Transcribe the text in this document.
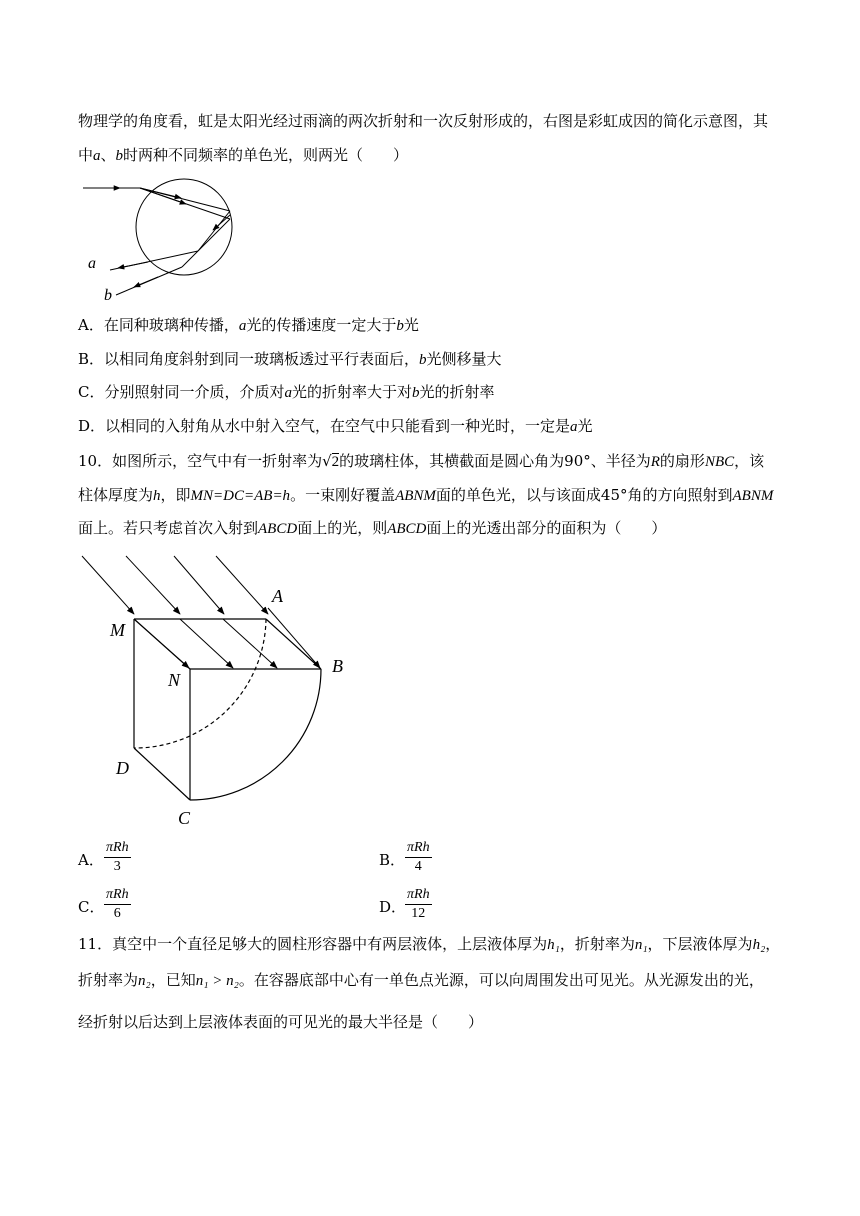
物理学的角度看，虹是太阳光经过雨滴的两次折射和一次反射形成的，右图是彩虹成因的简化示意图，其
中a、b时两种不同频率的单色光，则两光（　　）
a
b
A．在同种玻璃种传播，a光的传播速度一定大于b光
B．以相同角度斜射到同一玻璃板透过平行表面后，b光侧移量大
C．分别照射同一介质，介质对a光的折射率大于对b光的折射率
D．以相同的入射角从水中射入空气，在空气中只能看到一种光时，一定是a光
10．如图所示，空气中有一折射率为√2的玻璃柱体，其横截面是圆心角为90°、半径为R的扇形NBC，该
柱体厚度为h，即MN=DC=AB=h。一束刚好覆盖ABNM面的单色光，以与该面成45°角的方向照射到ABNM
面上。若只考虑首次入射到ABCD面上的光，则ABCD面上的光透出部分的面积为（　　）
A
M
N
B
D
C
A．
πRh
3	B．
πRh
4
C．
πRh
6	D．
πRh
12
11．真空中一个直径足够大的圆柱形容器中有两层液体，上层液体厚为h₁，折射率为n₁，下层液体厚为h₂，
折射率为n₂，已知n₁ > n₂。在容器底部中心有一单色点光源，可以向周围发出可见光。从光源发出的光，
经折射以后达到上层液体表面的可见光的最大半径是（　　）
